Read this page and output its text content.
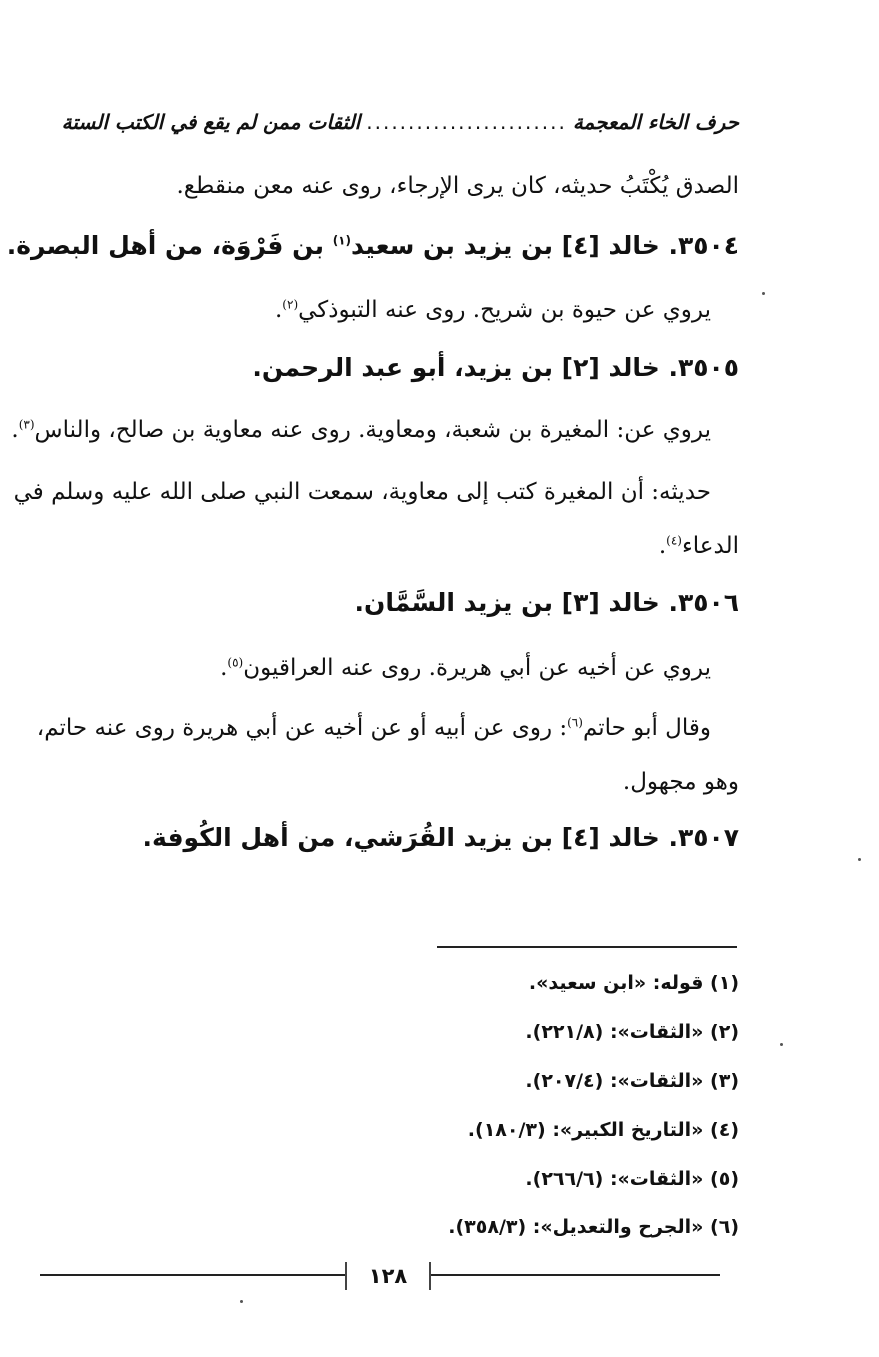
حرف الخاء المعجمة
........................
الثقات ممن لم يقع في الكتب الستة
الصدق يُكْتَبُ حديثه، كان يرى الإرجاء، روى عنه معن منقطع.
٣٥٠٤. خالد [٤] بن يزيد بن سعيد$^{(١)}$ بن فَرْوَة، من أهل البصرة.
يروي عن حيوة بن شريح. روى عنه التبوذكي$^{(٢)}$.
٣٥٠٥. خالد [٢] بن يزيد، أبو عبد الرحمن.
يروي عن: المغيرة بن شعبة، ومعاوية. روى عنه معاوية بن صالح، والناس$^{(٣)}$.
حديثه: أن المغيرة كتب إلى معاوية، سمعت النبي صلى الله عليه وسلم في
الدعاء$^{(٤)}$.
٣٥٠٦. خالد [٣] بن يزيد السَّمَّان.
يروي عن أخيه عن أبي هريرة. روى عنه العراقيون$^{(٥)}$.
وقال أبو حاتم$^{(٦)}$: روى عن أبيه أو عن أخيه عن أبي هريرة روى عنه حاتم،
وهو مجهول.
٣٥٠٧. خالد [٤] بن يزيد القُرَشي، من أهل الكُوفة.
(١) قوله: «ابن سعيد».
(٢) «الثقات»: (٢٢١/٨).
(٣) «الثقات»: (٢٠٧/٤).
(٤) «التاريخ الكبير»: (١٨٠/٣).
(٥) «الثقات»: (٢٦٦/٦).
(٦) «الجرح والتعديل»: (٣٥٨/٣).
١٢٨
